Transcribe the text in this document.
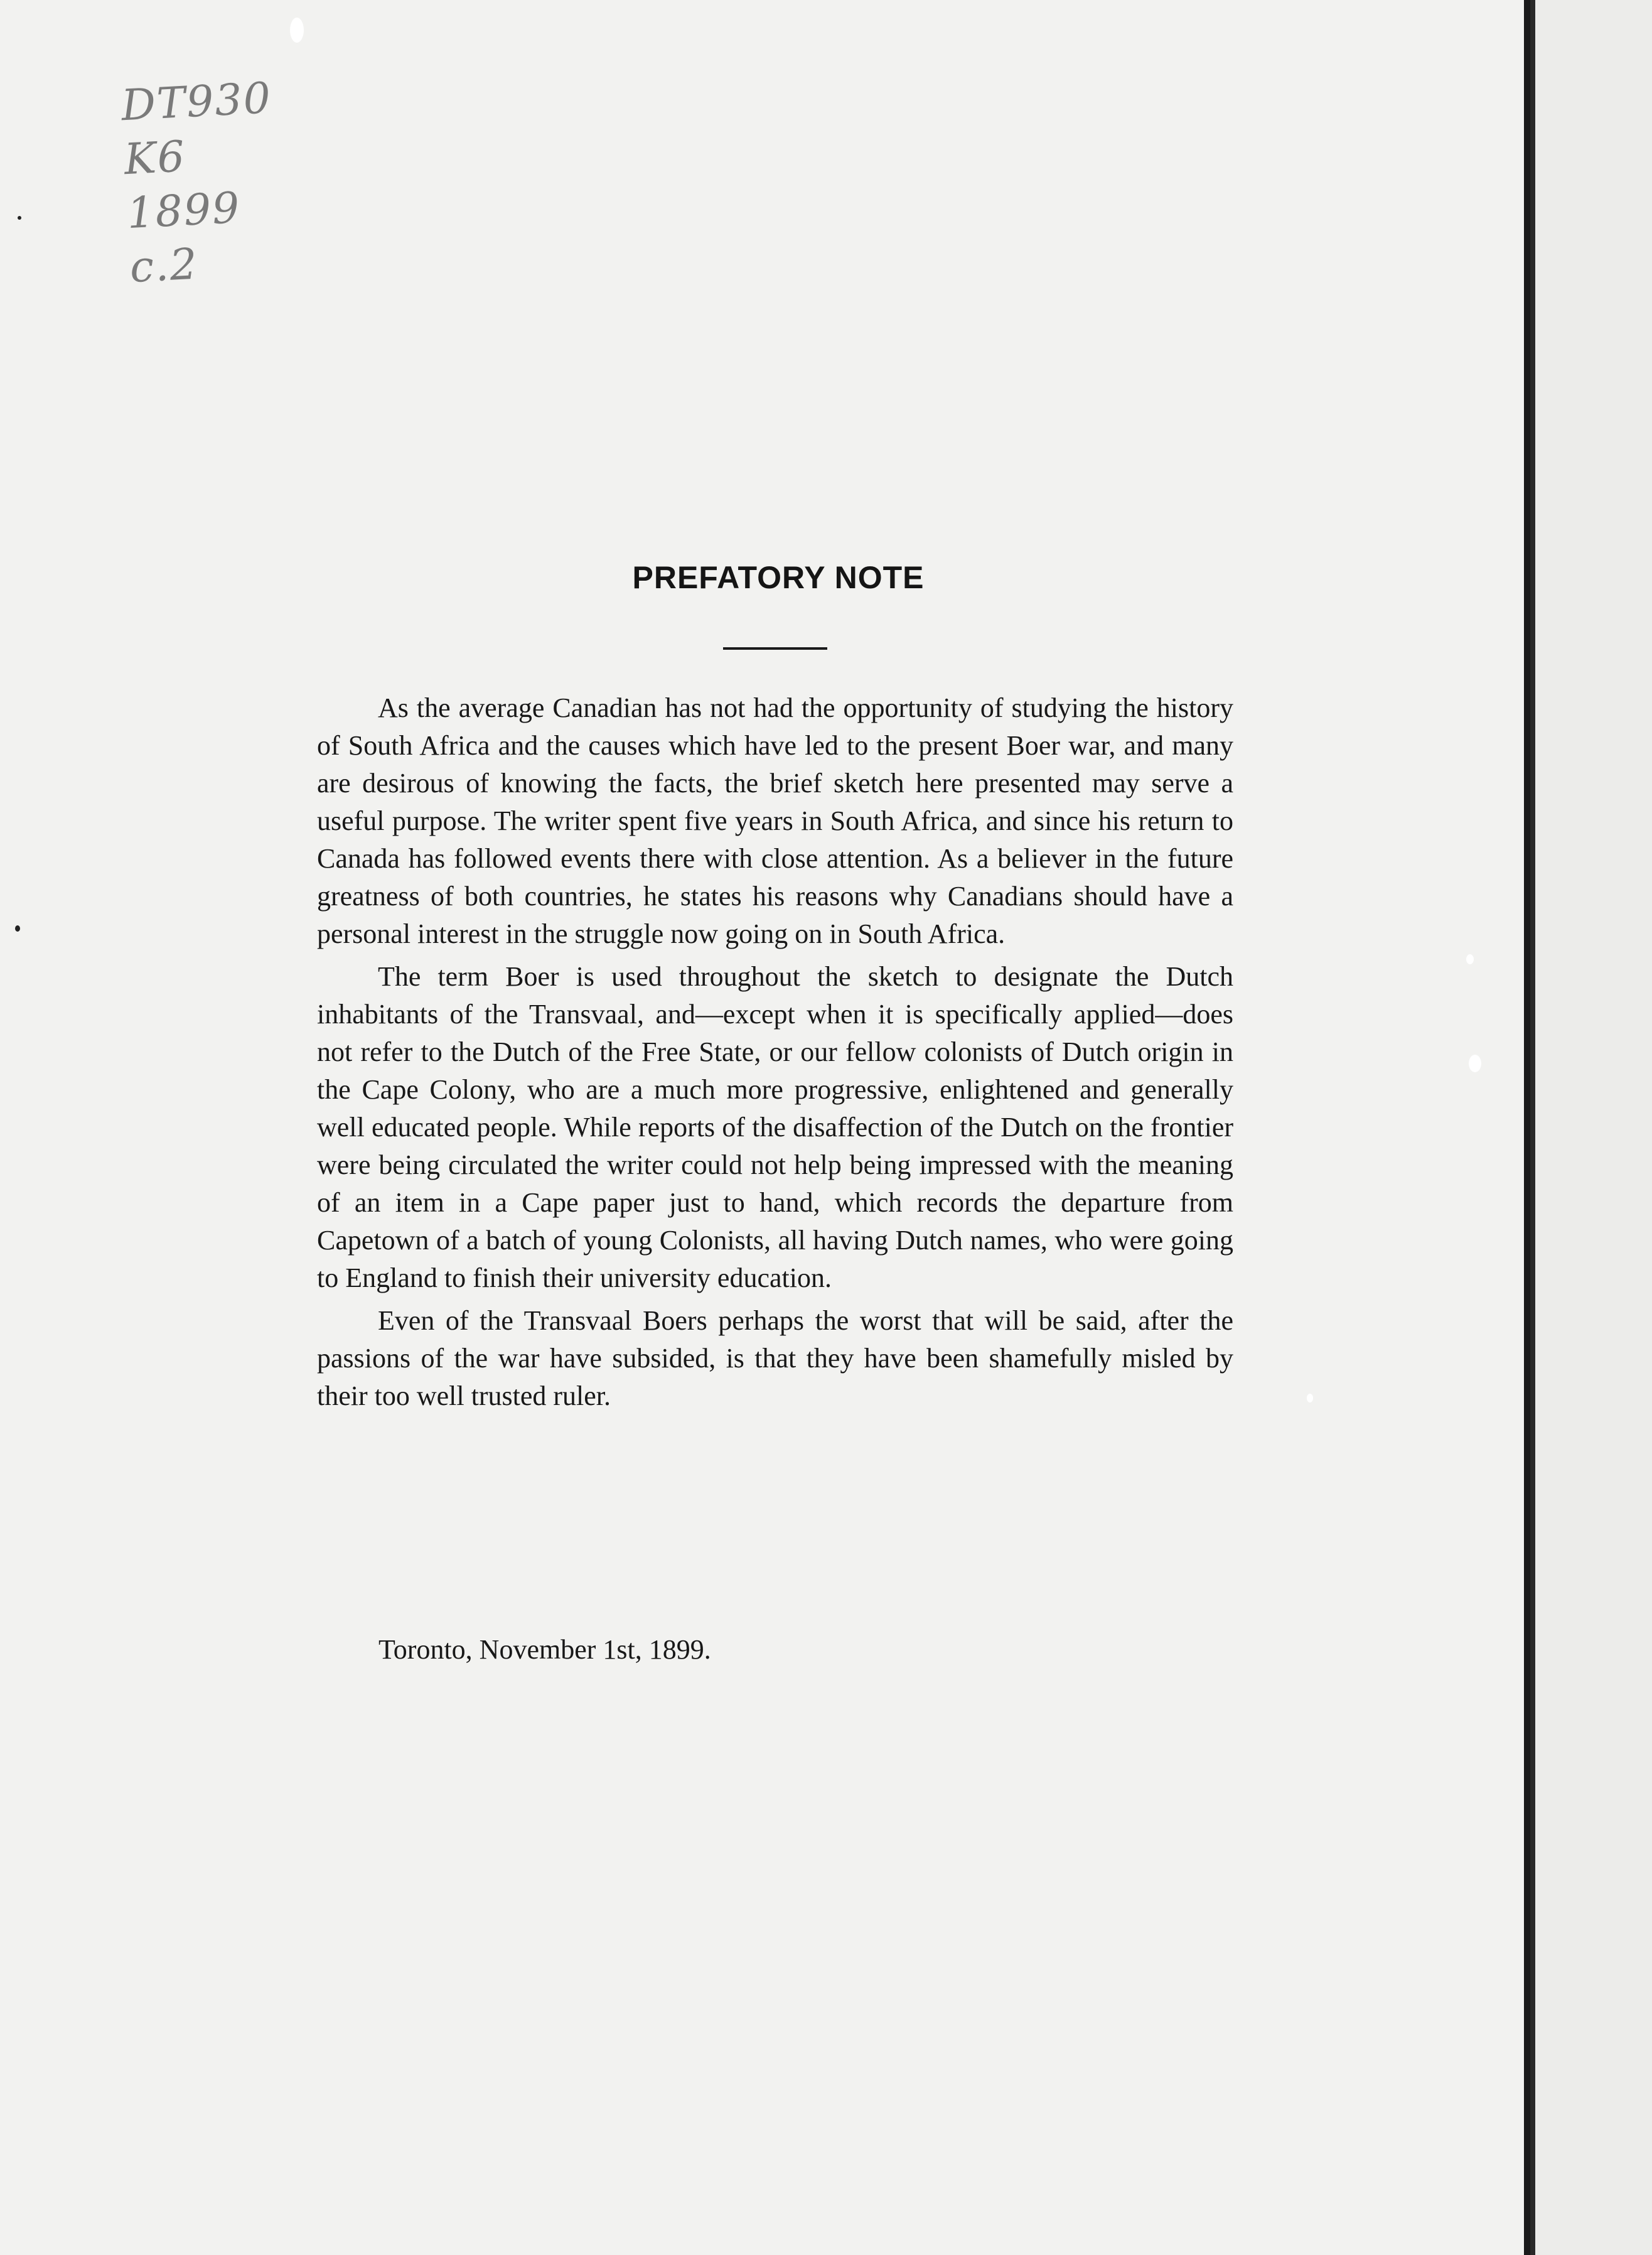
DT930
K6
1899
c.2
PREFATORY NOTE

As the average Canadian has not had the opportunity of studying the history of South Africa and the causes which have led to the present Boer war, and many are desirous of knowing the facts, the brief sketch here presented may serve a useful purpose. The writer spent five years in South Africa, and since his return to Canada has followed events there with close attention. As a believer in the future greatness of both countries, he states his reasons why Canadians should have a personal interest in the struggle now going on in South Africa.

The term Boer is used throughout the sketch to designate the Dutch inhabitants of the Transvaal, and—except when it is specifically applied—does not refer to the Dutch of the Free State, or our fellow colonists of Dutch origin in the Cape Colony, who are a much more progressive, enlightened and generally well educated people. While reports of the disaffection of the Dutch on the frontier were being circulated the writer could not help being impressed with the meaning of an item in a Cape paper just to hand, which records the departure from Capetown of a batch of young Colonists, all having Dutch names, who were going to England to finish their university education.

Even of the Transvaal Boers perhaps the worst that will be said, after the passions of the war have subsided, is that they have been shamefully misled by their too well trusted ruler.

Toronto, November 1st, 1899.
